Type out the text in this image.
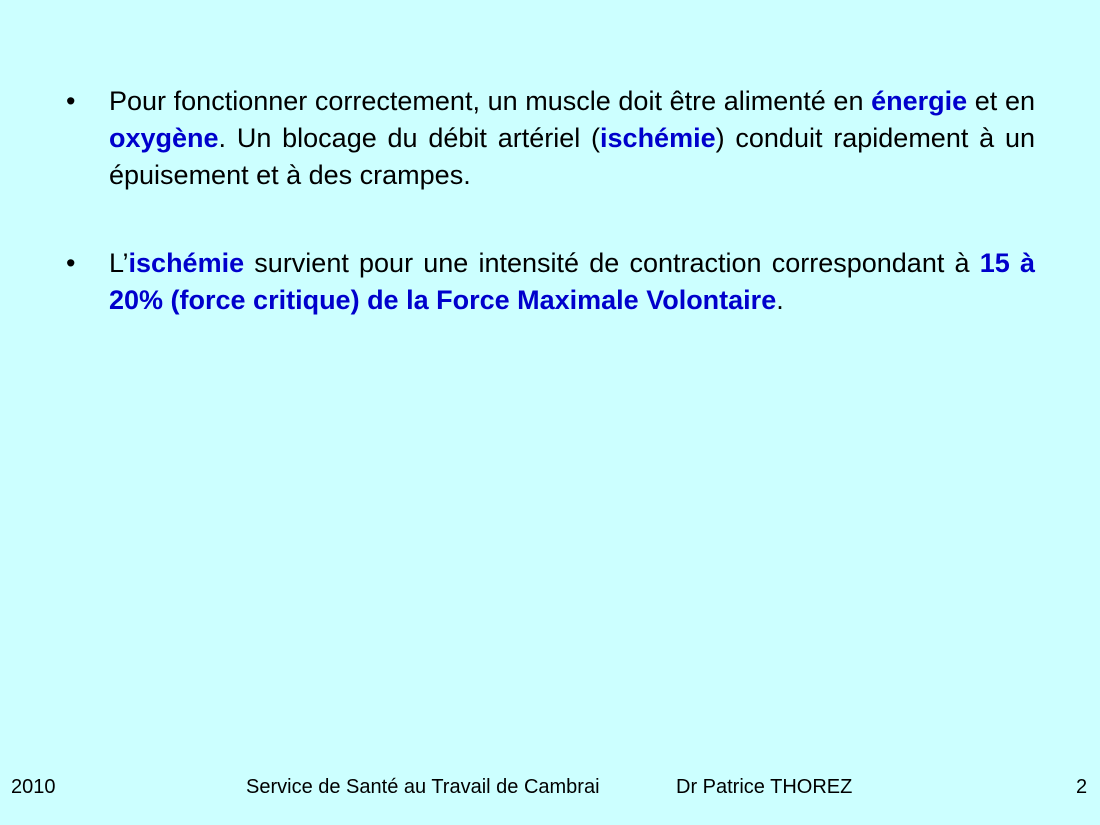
• Pour fonctionner correctement, un muscle doit être alimenté en énergie et en oxygène. Un blocage du débit artériel (ischémie) conduit rapidement à un épuisement et à des crampes.
• L’ischémie survient pour une intensité de contraction correspondant à 15 à 20% (force critique) de la Force Maximale Volontaire.
2010	Service de Santé au Travail de Cambrai	Dr Patrice THOREZ	2
